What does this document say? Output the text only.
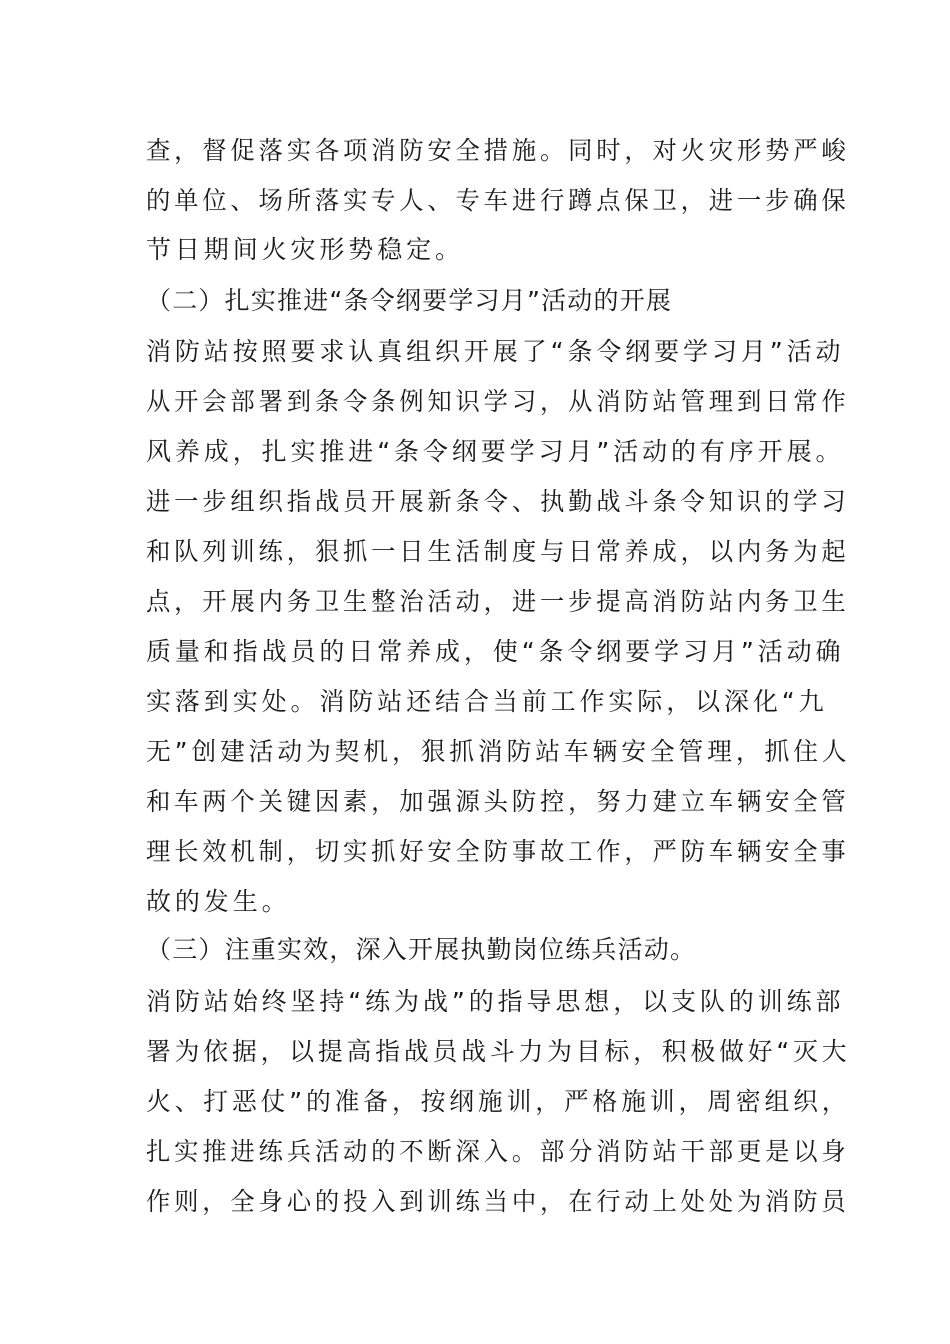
查，督促落实各项消防安全措施。同时，对火灾形势严峻
的单位、场所落实专人、专车进行蹲点保卫，进一步确保
节日期间火灾形势稳定。
（二）扎实推进“条令纲要学习月”活动的开展
消防站按照要求认真组织开展了“条令纲要学习月”活动
从开会部署到条令条例知识学习，从消防站管理到日常作
风养成，扎实推进“条令纲要学习月”活动的有序开展。
进一步组织指战员开展新条令、执勤战斗条令知识的学习
和队列训练，狠抓一日生活制度与日常养成，以内务为起
点，开展内务卫生整治活动，进一步提高消防站内务卫生
质量和指战员的日常养成，使“条令纲要学习月”活动确
实落到实处。消防站还结合当前工作实际，以深化“九
无”创建活动为契机，狠抓消防站车辆安全管理，抓住人
和车两个关键因素，加强源头防控，努力建立车辆安全管
理长效机制，切实抓好安全防事故工作，严防车辆安全事
故的发生。
（三）注重实效，深入开展执勤岗位练兵活动。
消防站始终坚持“练为战”的指导思想，以支队的训练部
署为依据，以提高指战员战斗力为目标，积极做好“灭大
火、打恶仗”的准备，按纲施训，严格施训，周密组织，
扎实推进练兵活动的不断深入。部分消防站干部更是以身
作则，全身心的投入到训练当中，在行动上处处为消防员
